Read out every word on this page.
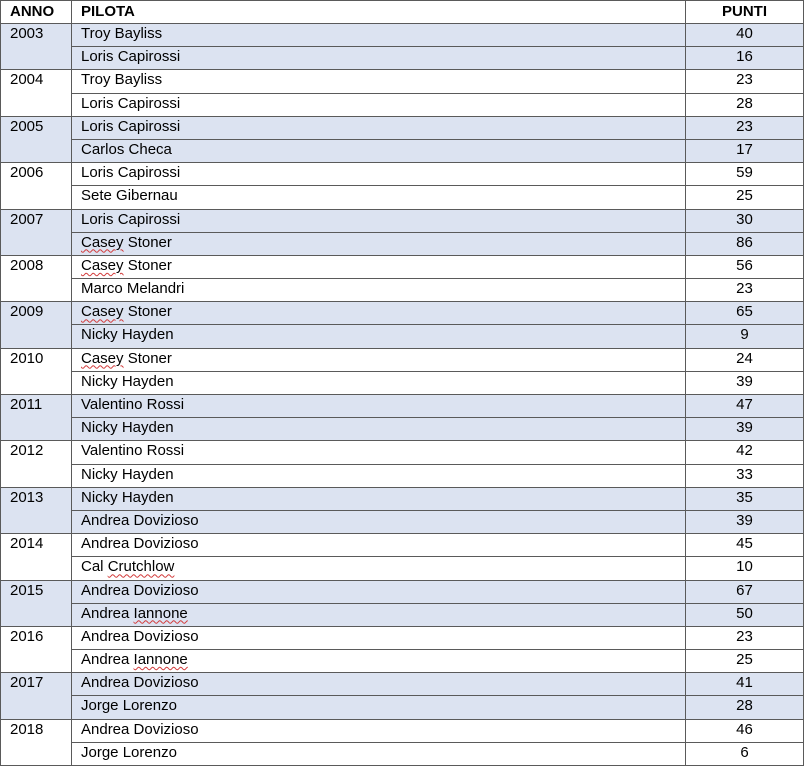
ANNO	PILOTA	PUNTI
2003	Troy Bayliss	40
	Loris Capirossi	16
2004	Troy Bayliss	23
	Loris Capirossi	28
2005	Loris Capirossi	23
	Carlos Checa	17
2006	Loris Capirossi	59
	Sete Gibernau	25
2007	Loris Capirossi	30
	Casey Stoner	86
2008	Casey Stoner	56
	Marco Melandri	23
2009	Casey Stoner	65
	Nicky Hayden	9
2010	Casey Stoner	24
	Nicky Hayden	39
2011	Valentino Rossi	47
	Nicky Hayden	39
2012	Valentino Rossi	42
	Nicky Hayden	33
2013	Nicky Hayden	35
	Andrea Dovizioso	39
2014	Andrea Dovizioso	45
	Cal Crutchlow	10
2015	Andrea Dovizioso	67
	Andrea Iannone	50
2016	Andrea Dovizioso	23
	Andrea Iannone	25
2017	Andrea Dovizioso	41
	Jorge Lorenzo	28
2018	Andrea Dovizioso	46
	Jorge Lorenzo	6
